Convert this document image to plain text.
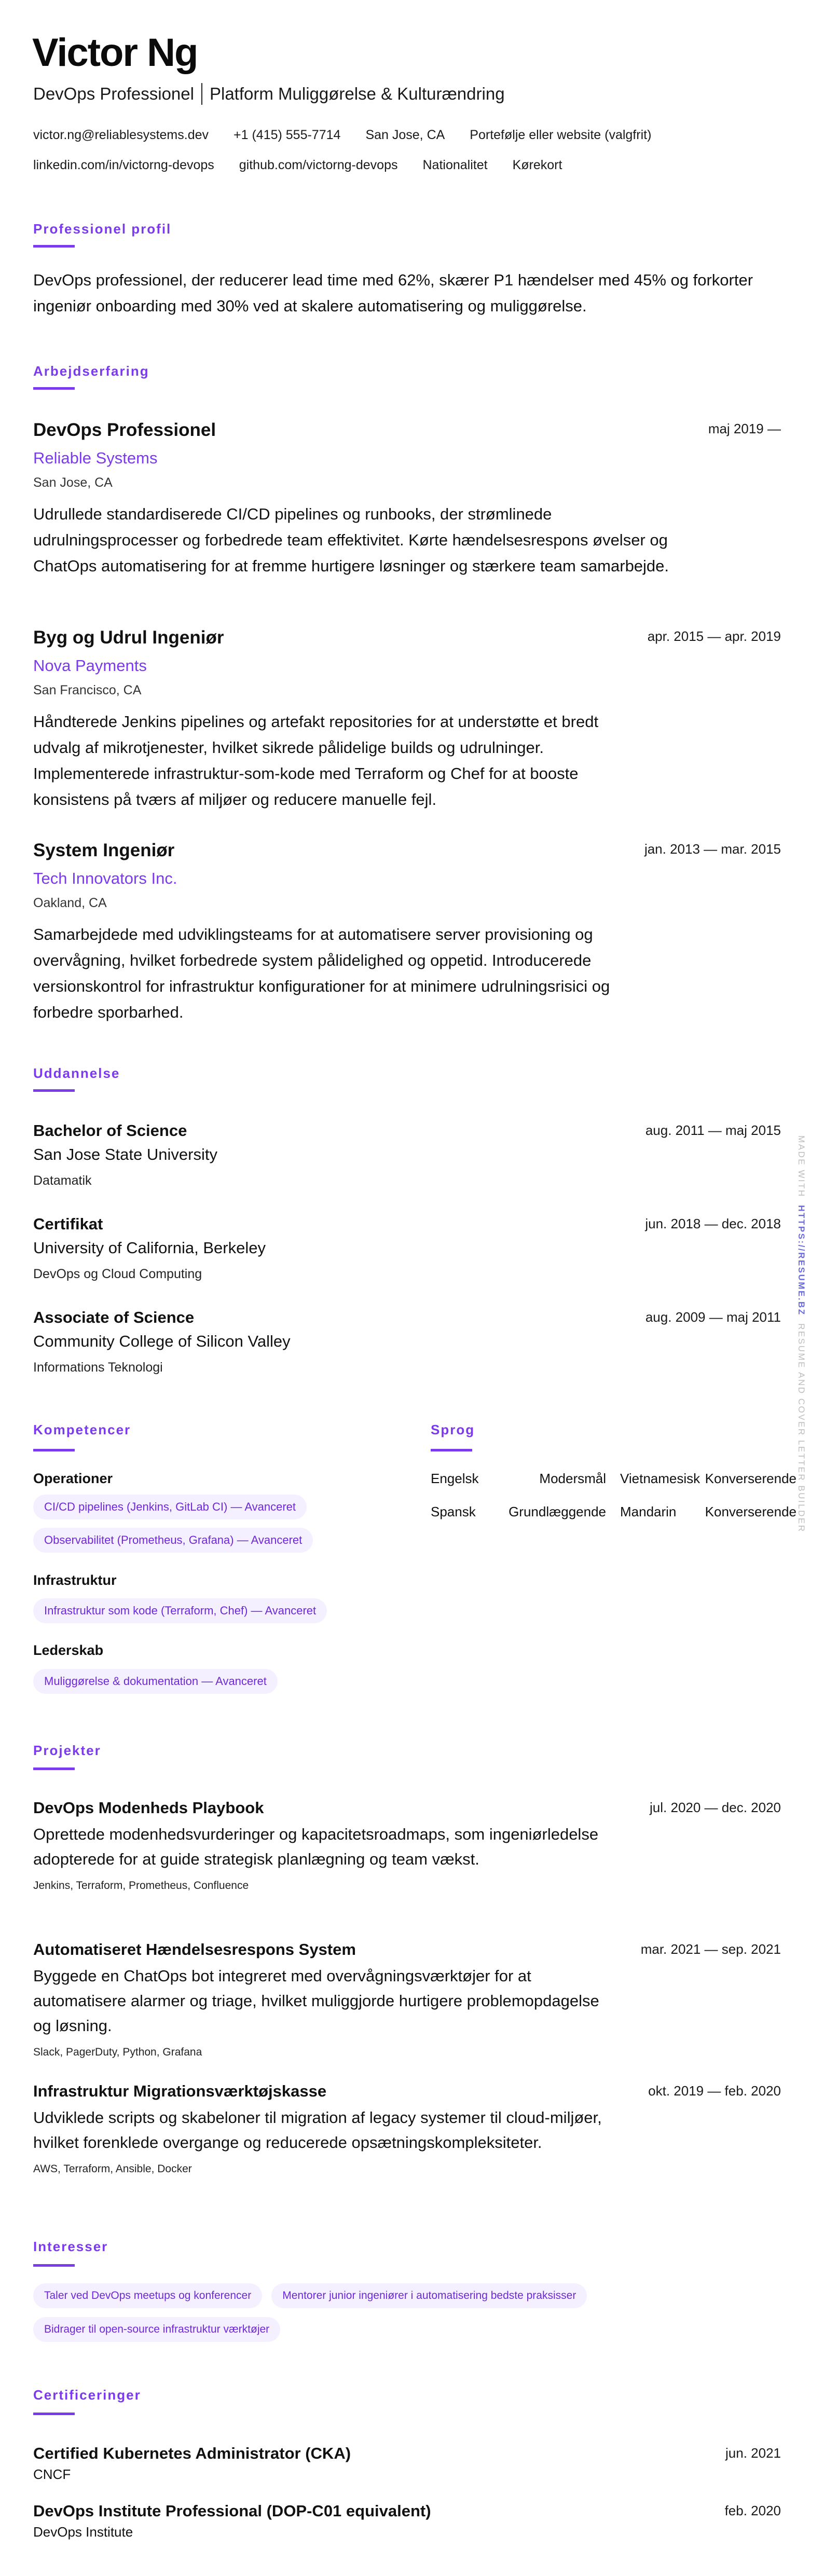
Victor Ng
DevOps Professionel Platform Muliggørelse & Kulturændring
victor.ng@reliablesystems.dev +1 (415) 555-7714 San Jose, CA Portefølje eller website (valgfrit)
linkedin.com/in/victorng-devops github.com/victorng-devops Nationalitet Kørekort
Professionel profil
DevOps professionel, der reducerer lead time med 62%, skærer P1 hændelser med 45% og forkorter ingeniør onboarding med 30% ved at skalere automatisering og muliggørelse.
Arbejdserfaring
DevOps Professionel
Reliable Systems
San Jose, CA
Udrullede standardiserede CI/CD pipelines og runbooks, der strømlinede udrulningsprocesser og forbedrede team effektivitet. Kørte hændelsesrespons øvelser og ChatOps automatisering for at fremme hurtigere løsninger og stærkere team samarbejde.
maj 2019 —
Byg og Udrul Ingeniør
Nova Payments
San Francisco, CA
Håndterede Jenkins pipelines og artefakt repositories for at understøtte et bredt udvalg af mikrotjenester, hvilket sikrede pålidelige builds og udrulninger. Implementerede infrastruktur-som-kode med Terraform og Chef for at booste konsistens på tværs af miljøer og reducere manuelle fejl.
apr. 2015 — apr. 2019
System Ingeniør
Tech Innovators Inc.
Oakland, CA
Samarbejdede med udviklingsteams for at automatisere server provisioning og overvågning, hvilket forbedrede system pålidelighed og oppetid. Introducerede versionskontrol for infrastruktur konfigurationer for at minimere udrulningsrisici og forbedre sporbarhed.
jan. 2013 — mar. 2015
Uddannelse
Bachelor of Science
San Jose State University
Datamatik
aug. 2011 — maj 2015
Certifikat
University of California, Berkeley
DevOps og Cloud Computing
jun. 2018 — dec. 2018
Associate of Science
Community College of Silicon Valley
Informations Teknologi
aug. 2009 — maj 2011
Kompetencer
Operationer
CI/CD pipelines (Jenkins, GitLab CI) — Avanceret
Observabilitet (Prometheus, Grafana) — Avanceret
Infrastruktur
Infrastruktur som kode (Terraform, Chef) — Avanceret
Lederskab
Muliggørelse & dokumentation — Avanceret
Sprog
Engelsk	Modersmål Vietnamesisk Konverserende
Spansk Grundlæggende Mandarin Konverserende
Projekter
DevOps Modenheds Playbook
Oprettede modenhedsvurderinger og kapacitetsroadmaps, som ingeniørledelse adopterede for at guide strategisk planlægning og team vækst.
Jenkins, Terraform, Prometheus, Confluence
jul. 2020 — dec. 2020
Automatiseret Hændelsesrespons System
Byggede en ChatOps bot integreret med overvågningsværktøjer for at automatisere alarmer og triage, hvilket muliggjorde hurtigere problemopdagelse og løsning.
Slack, PagerDuty, Python, Grafana
mar. 2021 — sep. 2021
Infrastruktur Migrationsværktøjskasse
Udviklede scripts og skabeloner til migration af legacy systemer til cloud-miljøer, hvilket forenklede overgange og reducerede opsætningskompleksiteter.
AWS, Terraform, Ansible, Docker
okt. 2019 — feb. 2020
Interesser
Taler ved DevOps meetups og konferencer	Mentorer junior ingeniører i automatisering bedste praksisser
Bidrager til open-source infrastruktur værktøjer
Certificeringer
Certified Kubernetes Administrator (CKA)
CNCF
jun. 2021
DevOps Institute Professional (DOP-C01 equivalent)
DevOps Institute
feb. 2020
MADE WITH  HTTPS://RESUME.BZ  RESUME AND COVER LETTER BUILDER
